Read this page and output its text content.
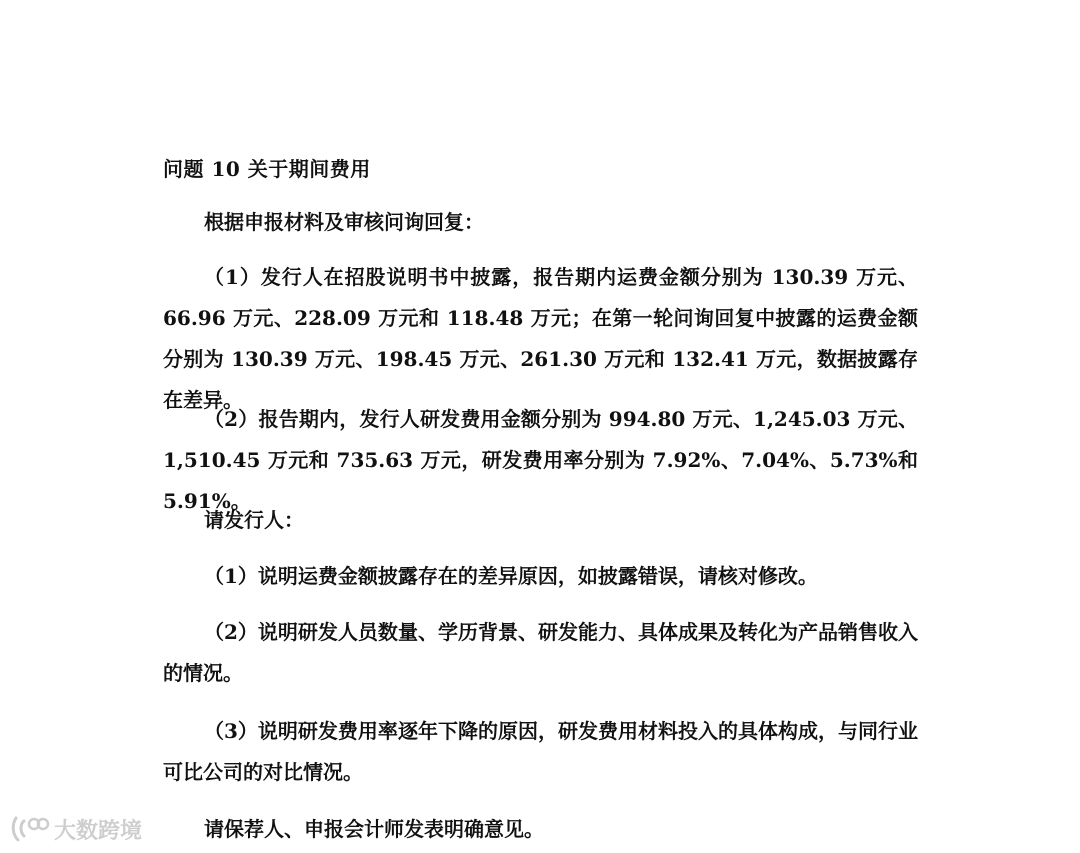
问题 10 关于期间费用
根据申报材料及审核问询回复：
（1）发行人在招股说明书中披露，报告期内运费金额分别为 130.39 万元、66.96 万元、228.09 万元和 118.48 万元；在第一轮问询回复中披露的运费金额分别为 130.39 万元、198.45 万元、261.30 万元和 132.41 万元，数据披露存在差异。
（2）报告期内，发行人研发费用金额分别为 994.80 万元、1,245.03 万元、1,510.45 万元和 735.63 万元，研发费用率分别为 7.92%、7.04%、5.73%和 5.91%。
请发行人：
（1）说明运费金额披露存在的差异原因，如披露错误，请核对修改。
（2）说明研发人员数量、学历背景、研发能力、具体成果及转化为产品销售收入的情况。
（3）说明研发费用率逐年下降的原因，研发费用材料投入的具体构成，与同行业可比公司的对比情况。
请保荐人、申报会计师发表明确意见。
大数跨境
